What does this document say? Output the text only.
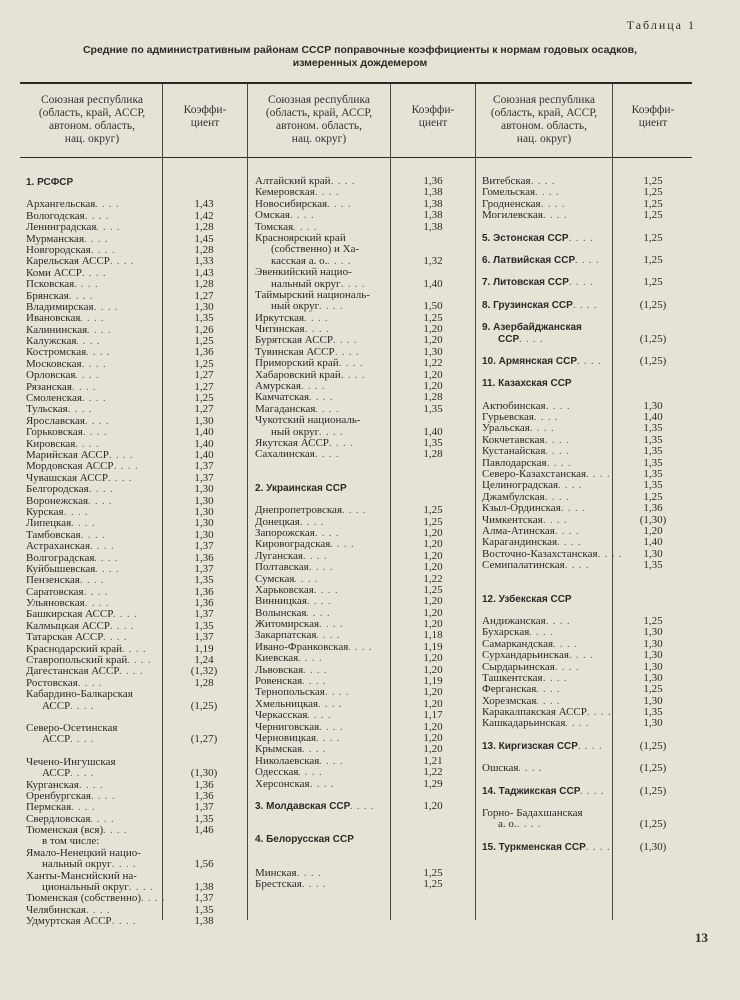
Таблица 1
Средние по административным районам СССР поправочные коэффициенты к нормам годовых осадков,
измеренных дождемером
Союзная республика
(область, край, АССР,
автоном. область,
нац. округ)
Коэффи-
циент
Союзная республика
(область, край, АССР,
автоном. область,
нац. округ)
Коэффи-
циент
Союзная республика
(область, край, АССР,
автоном. область,
нац. округ)
Коэффи-
циент
1. РСФСР
Архангельская . . . .	1,43
Вологодская . . . .	1,42
Ленинградская . . . .	1,28
Мурманская . . . .	1,45
Новгородская . . . .	1,28
Карельская АССР . . . .	1,33
Коми АССР . . . .	1,43
Псковская . . . .	1,28
Брянская . . . .	1,27
Владимирская . . . .	1,30
Ивановская . . . .	1,35
Калининская . . . .	1,26
Калужская . . . .	1,25
Костромская . . . .	1,36
Московская . . . .	1,25
Орловская . . . .	1,27
Рязанская . . . .	1,27
Смоленская . . . .	1,25
Тульская . . . .	1,27
Ярославская . . . .	1,30
Горьковская . . . .	1,40
Кировская . . . .	1,40
Марийская АССР . . . .	1,40
Мордовская АССР . . . .	1,37
Чувашская АССР . . . .	1,37
Белгородская . . . .	1,30
Воронежская . . . .	1,30
Курская . . . .	1,30
Липецкая . . . .	1,30
Тамбовская . . . .	1,30
Астраханская . . . .	1,37
Волгоградская . . . .	1,36
Куйбышевская . . . .	1,37
Пензенская . . . .	1,35
Саратовская . . . .	1,36
Ульяновская . . . .	1,36
Башкирская АССР . . . .	1,37
Калмыцкая АССР . . . .	1,35
Татарская АССР . . . .	1,37
Краснодарский край . . . .	1,19
Ставропольский край . . . .	1,24
Дагестанская АССР . . . .	(1,32)
Ростовская . . . .	1,28
Кабардино-Балкарская
АССР . . . .	(1,25)
Северо-Осетинская
АССР . . . .	(1,27)
Чечено-Ингушская
АССР . . . .	(1,30)
Курганская . . . .	1,36
Оренбургская . . . .	1,36
Пермская . . . .	1,37
Свердловская . . . .	1,35
Тюменская (вся) . . . .	1,46
в том числе:
Ямало-Ненецкий нацио-
нальный округ . . . .	1,56
Ханты-Мансийский на-
циональный округ . . . .	1,38
Тюменская (собственно) . . . .	1,37
Челябинская . . . .	1,35
Удмуртская АССР . . . .	1,38
Алтайский край . . . .	1,36
Кемеровская . . . .	1,38
Новосибирская . . . .	1,38
Омская . . . .	1,38
Томская . . . .	1,38
Красноярский край
(собственно) и Ха-
касская а. о. . . . .	1,32
Эвенкийский нацио-
нальный округ . . . .	1,40
Таймырский националь-
ный округ . . . .	1,50
Иркутская . . . .	1,25
Читинская . . . .	1,20
Бурятская АССР . . . .	1,20
Тувинская АССР . . . .	1,30
Приморский край . . . .	1,22
Хабаровский край . . . .	1,20
Амурская . . . .	1,20
Камчатская . . . .	1,28
Магаданская . . . .	1,35
Чукотский националь-
ный округ . . . .	1,40
Якутская АССР . . . .	1,35
Сахалинская . . . .	1,28
2. Украинская ССР
Днепропетровская . . . .	1,25
Донецкая . . . .	1,25
Запорожская . . . .	1,20
Кировоградская . . . .	1,20
Луганская . . . .	1,20
Полтавская . . . .	1,20
Сумская . . . .	1,22
Харьковская . . . .	1,25
Винницкая . . . .	1,20
Волынская . . . .	1,20
Житомирская . . . .	1,20
Закарпатская . . . .	1,18
Ивано-Франковская . . . .	1,19
Киевская . . . .	1,20
Львовская . . . .	1,20
Ровенская . . . .	1,19
Тернопольская . . . .	1,20
Хмельницкая . . . .	1,20
Черкасская . . . .	1,17
Черниговская . . . .	1,20
Черновицкая . . . .	1,20
Крымская . . . .	1,20
Николаевская . . . .	1,21
Одесская . . . .	1,22
Херсонская . . . .	1,29
3. Молдавская ССР . . . .	1,20
4. Белорусская ССР
Минская . . . .	1,25
Брестская . . . .	1,25
Витебская . . . .	1,25
Гомельская . . . .	1,25
Гродненская . . . .	1,25
Могилевская . . . .	1,25
5. Эстонская ССР . . . .	1,25
6. Латвийская ССР . . . .	1,25
7. Литовская ССР . . . .	1,25
8. Грузинская ССР . . . .	(1,25)
9. Азербайджанская
ССР . . . .	(1,25)
10. Армянская ССР . . . .	(1,25)
11. Казахская ССР
Актюбинская . . . .	1,30
Гурьевская . . . .	1,40
Уральская . . . .	1,35
Кокчетавская . . . .	1,35
Кустанайская . . . .	1,35
Павлодарская . . . .	1,35
Северо-Казахстанская . . . .	1,35
Целиноградская . . . .	1,35
Джамбулская . . . .	1,25
Кзыл-Ординская . . . .	1,36
Чимкентская . . . .	(1,30)
Алма-Атинская . . . .	1,20
Карагандинская . . . .	1,40
Восточно-Казахстанская . . . .	1,30
Семипалатинская . . . .	1,35
12. Узбекская ССР
Андижанская . . . .	1,25
Бухарская . . . .	1,30
Самаркандская . . . .	1,30
Сурхандарьинская . . . .	1,30
Сырдарьинская . . . .	1,30
Ташкентская . . . .	1,30
Ферганская . . . .	1,25
Хорезмская . . . .	1,30
Каракалпакская АССР . . . .	1,35
Кашкадарьинская . . . .	1,30
13. Киргизская ССР . . . .	(1,25)
Ошская . . . .	(1,25)
14. Таджикская ССР . . . .	(1,25)
Горно- Бадахшанская
а. о. . . . .	(1,25)
15. Туркменская ССР . . . .	(1,30)
13
